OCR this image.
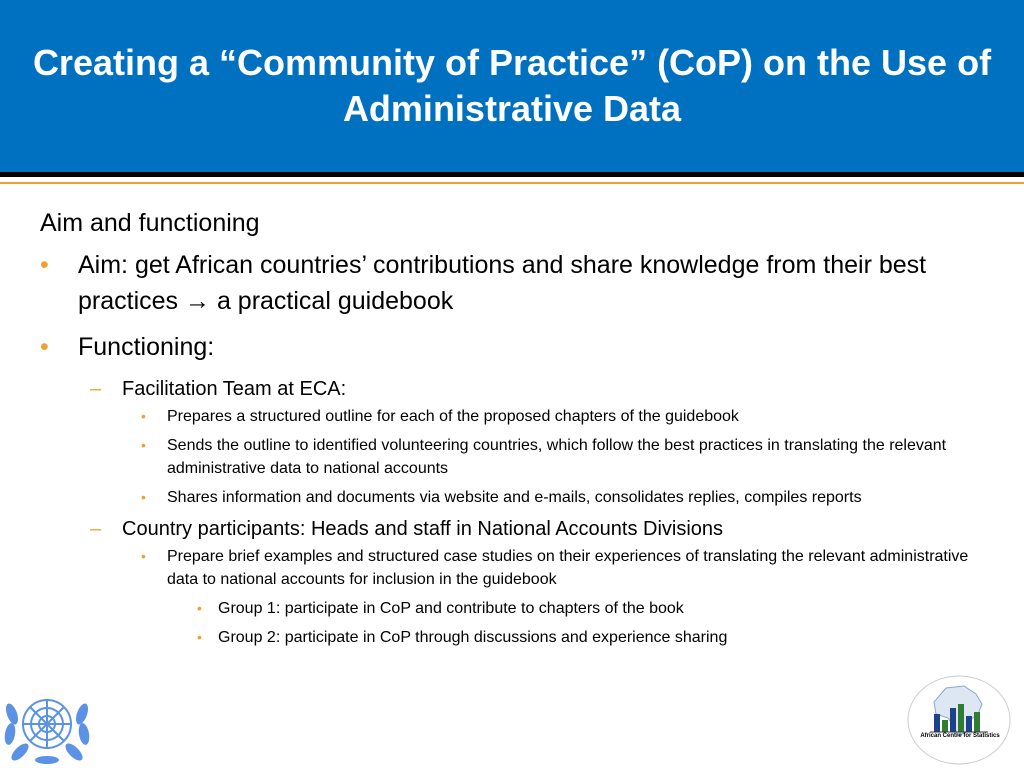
Creating a “Community of Practice” (CoP) on the Use of Administrative Data
Aim and functioning
• Aim: get African countries’ contributions and share knowledge from their best practices → a practical guidebook
• Functioning:
– Facilitation Team at ECA:
• Prepares a structured outline for each of the proposed chapters of the guidebook
• Sends the outline to identified volunteering countries, which follow the best practices in translating the relevant administrative data to national accounts
• Shares information and documents via website and e-mails, consolidates replies, compiles reports
– Country participants: Heads and staff in National Accounts Divisions
• Prepare brief examples and structured case studies on their experiences of translating the relevant administrative data to national accounts for inclusion in the guidebook
• Group 1: participate in CoP and contribute to chapters of the book
• Group 2: participate in CoP through discussions and experience sharing
African Centre for Statistics
